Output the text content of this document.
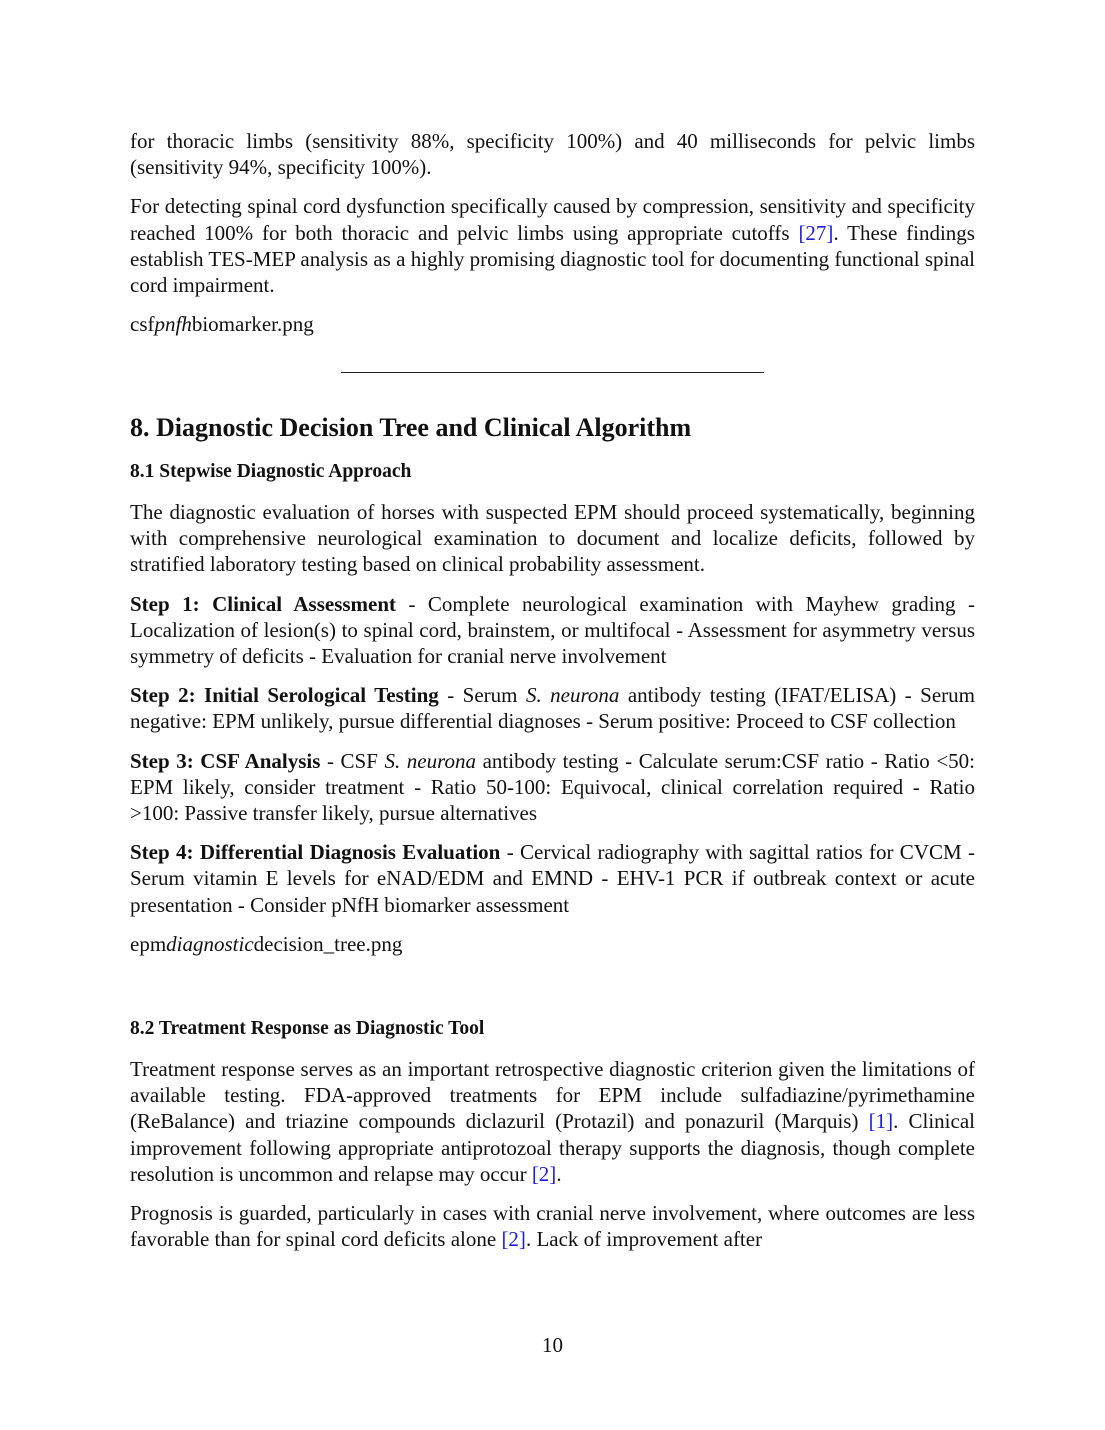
for thoracic limbs (sensitivity 88%, specificity 100%) and 40 milliseconds for pelvic limbs (sensitivity 94%, specificity 100%).

For detecting spinal cord dysfunction specifically caused by compression, sensitivity and specificity reached 100% for both thoracic and pelvic limbs using appropriate cutoffs [27]. These findings establish TES-MEP analysis as a highly promising diagnostic tool for documenting functional spinal cord impairment.

csfpnfhbiomarker.png

8. Diagnostic Decision Tree and Clinical Algorithm
8.1 Stepwise Diagnostic Approach

The diagnostic evaluation of horses with suspected EPM should proceed systematically, beginning with comprehensive neurological examination to document and localize deficits, followed by stratified laboratory testing based on clinical probability assessment.

Step 1: Clinical Assessment - Complete neurological examination with Mayhew grading - Localization of lesion(s) to spinal cord, brainstem, or multifocal - Assessment for asymmetry versus symmetry of deficits - Evaluation for cranial nerve involvement

Step 2: Initial Serological Testing - Serum S. neurona antibody testing (IFAT/ELISA) - Serum negative: EPM unlikely, pursue differential diagnoses - Serum positive: Proceed to CSF collection

Step 3: CSF Analysis - CSF S. neurona antibody testing - Calculate serum:CSF ratio - Ratio <50: EPM likely, consider treatment - Ratio 50-100: Equivocal, clinical correlation required - Ratio >100: Passive transfer likely, pursue alternatives

Step 4: Differential Diagnosis Evaluation - Cervical radiography with sagittal ratios for CVCM - Serum vitamin E levels for eNAD/EDM and EMND - EHV-1 PCR if outbreak context or acute presentation - Consider pNfH biomarker assessment

epmdiagnosticdecision_tree.png

8.2 Treatment Response as Diagnostic Tool

Treatment response serves as an important retrospective diagnostic criterion given the limitations of available testing. FDA-approved treatments for EPM include sulfadiazine/pyrimethamine (ReBalance) and triazine compounds diclazuril (Protazil) and ponazuril (Marquis) [1]. Clinical improvement following appropriate antiprotozoal therapy supports the diagnosis, though complete resolution is uncommon and relapse may occur [2].

Prognosis is guarded, particularly in cases with cranial nerve involvement, where outcomes are less favorable than for spinal cord deficits alone [2]. Lack of improvement after

10
